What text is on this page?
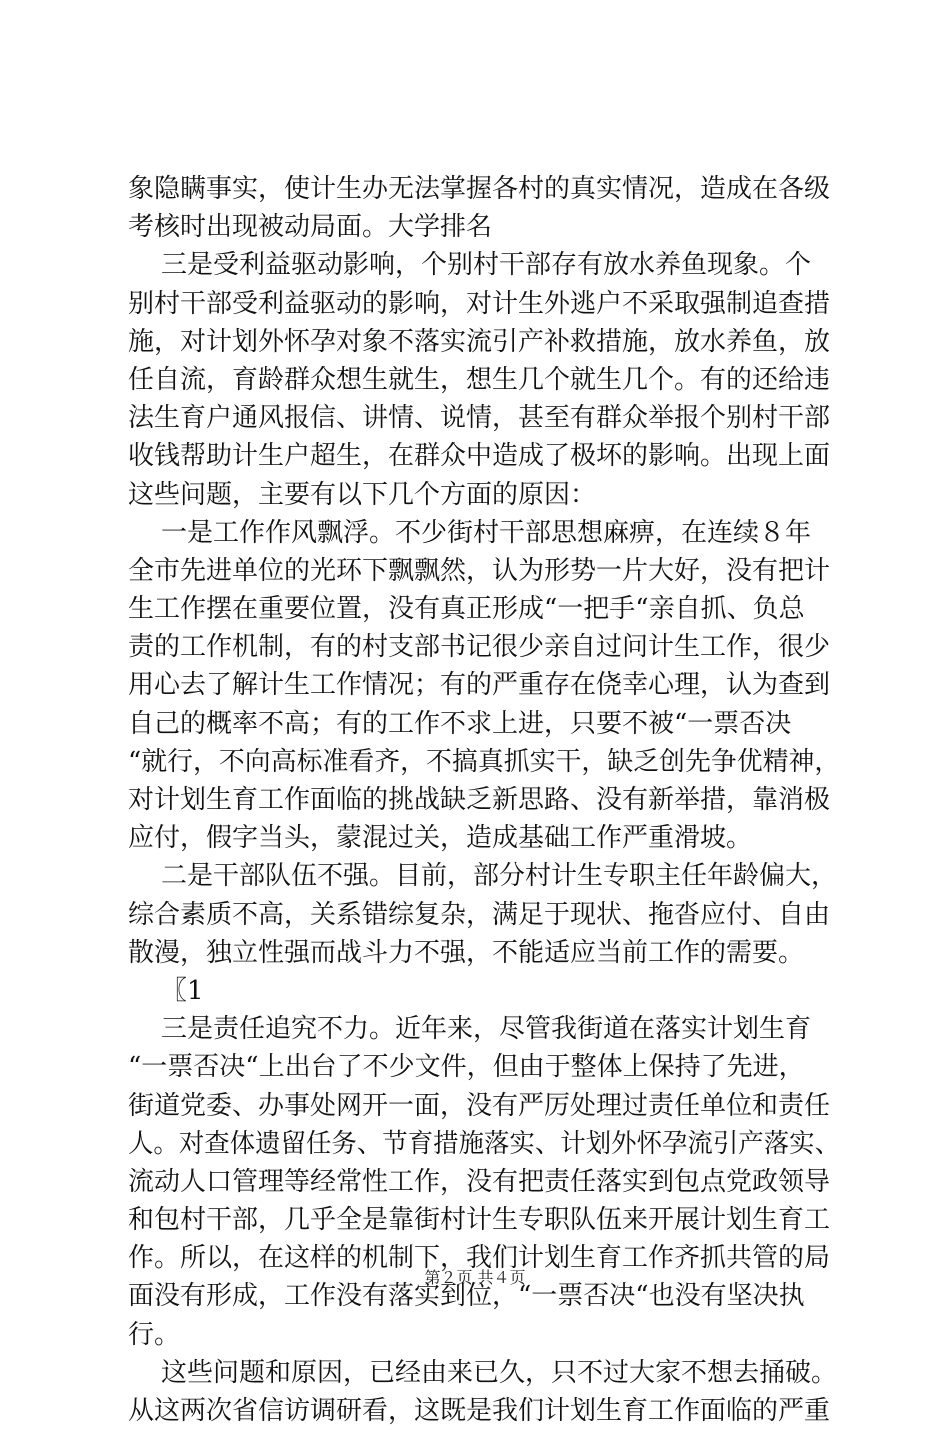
象隐瞒事实，使计生办无法掌握各村的真实情况，造成在各级
考核时出现被动局面。大学排名
三是受利益驱动影响，个别村干部存有放水养鱼现象。个
别村干部受利益驱动的影响，对计生外逃户不采取强制追查措
施，对计划外怀孕对象不落实流引产补救措施，放水养鱼，放
任自流，育龄群众想生就生，想生几个就生几个。有的还给违
法生育户通风报信、讲情、说情，甚至有群众举报个别村干部
收钱帮助计生户超生，在群众中造成了极坏的影响。出现上面
这些问题，主要有以下几个方面的原因：
一是工作作风飘浮。不少街村干部思想麻痹，在连续８年
全市先进单位的光环下飘飘然，认为形势一片大好，没有把计
生工作摆在重要位置，没有真正形成“一把手“亲自抓、负总
责的工作机制，有的村支部书记很少亲自过问计生工作，很少
用心去了解计生工作情况；有的严重存在侥幸心理，认为查到
自己的概率不高；有的工作不求上进，只要不被“一票否决
“就行，不向高标准看齐，不搞真抓实干，缺乏创先争优精神，
对计划生育工作面临的挑战缺乏新思路、没有新举措，靠消极
应付，假字当头，蒙混过关，造成基础工作严重滑坡。
二是干部队伍不强。目前，部分村计生专职主任年龄偏大，
综合素质不高，关系错综复杂，满足于现状、拖沓应付、自由
散漫，独立性强而战斗力不强，不能适应当前工作的需要。
〖1
三是责任追究不力。近年来，尽管我街道在落实计划生育
“一票否决“上出台了不少文件，但由于整体上保持了先进，
街道党委、办事处网开一面，没有严厉处理过责任单位和责任
人。对查体遗留任务、节育措施落实、计划外怀孕流引产落实、
流动人口管理等经常性工作，没有把责任落实到包点党政领导
和包村干部，几乎全是靠街村计生专职队伍来开展计划生育工
作。所以，在这样的机制下，我们计划生育工作齐抓共管的局
面没有形成，工作没有落实到位，“一票否决“也没有坚决执
行。
这些问题和原因，已经由来已久，只不过大家不想去捅破。
从这两次省信访调研看，这既是我们计划生育工作面临的严重
第２页 共４页
